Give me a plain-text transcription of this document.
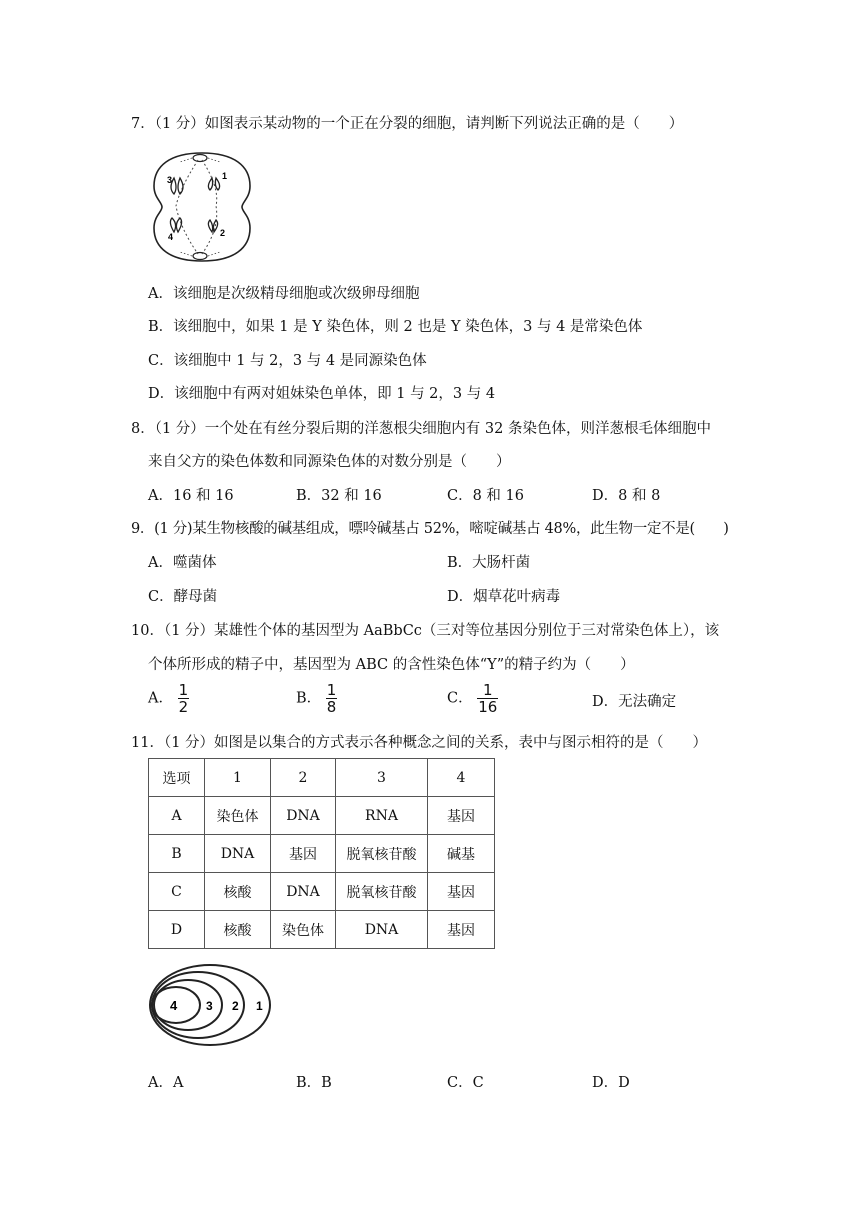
7．（1 分）如图表示某动物的一个正在分裂的细胞，请判断下列说法正确的是（　　）
3	1
4	2
A．该细胞是次级精母细胞或次级卵母细胞
B．该细胞中，如果 1 是 Y 染色体，则 2 也是 Y 染色体，3 与 4 是常染色体
C．该细胞中 1 与 2，3 与 4 是同源染色体
D．该细胞中有两对姐妹染色单体，即 1 与 2，3 与 4
8．（1 分）一个处在有丝分裂后期的洋葱根尖细胞内有 32 条染色体，则洋葱根毛体细胞中
来自父方的染色体数和同源染色体的对数分别是（　　）
A．16 和 16	B．32 和 16	C．8 和 16	D．8 和 8
9．(1 分)某生物核酸的碱基组成，嘌呤碱基占 52%，嘧啶碱基占 48%，此生物一定不是(　　)
A．噬菌体	B．大肠杆菌
C．酵母菌	D．烟草花叶病毒
10．（1 分）某雄性个体的基因型为 AaBbCc（三对等位基因分别位于三对常染色体上），该
个体所形成的精子中，基因型为 ABC 的含性染色体“Y”的精子约为（　　）
A． $\frac{1}{2}$	B． $\frac{1}{8}$	C． $\frac{1}{16}$	D．无法确定
11．（1 分）如图是以集合的方式表示各种概念之间的关系，表中与图示相符的是（　　）
选项	1	2	3	4
A	染色体	DNA	RNA	基因
B	DNA	基因	脱氧核苷酸	碱基
C	核酸	DNA	脱氧核苷酸	基因
D	核酸	染色体	DNA	基因
4 3 2 1
A．A	B．B	C．C	D．D
